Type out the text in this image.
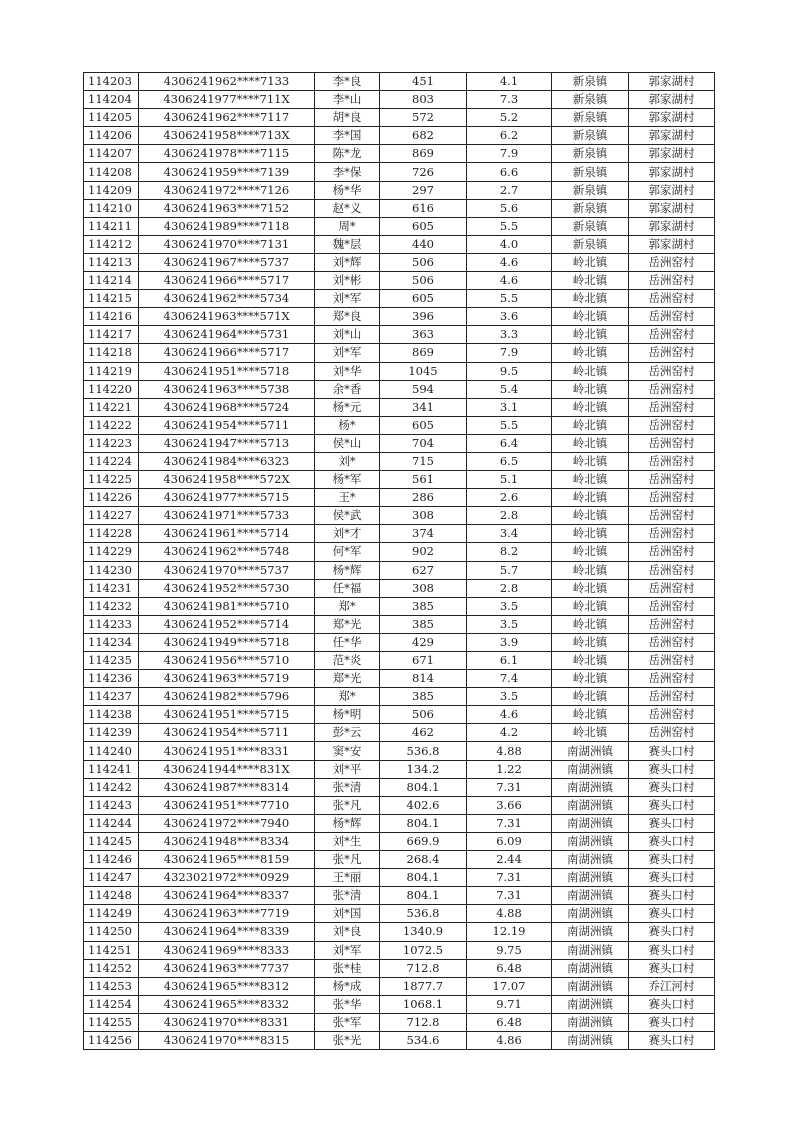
114203	4306241962****7133	李*良	451	4.1	新泉镇	郭家湖村
114204	4306241977****711X	李*山	803	7.3	新泉镇	郭家湖村
114205	4306241962****7117	胡*良	572	5.2	新泉镇	郭家湖村
114206	4306241958****713X	李*国	682	6.2	新泉镇	郭家湖村
114207	4306241978****7115	陈*龙	869	7.9	新泉镇	郭家湖村
114208	4306241959****7139	李*保	726	6.6	新泉镇	郭家湖村
114209	4306241972****7126	杨*华	297	2.7	新泉镇	郭家湖村
114210	4306241963****7152	赵*义	616	5.6	新泉镇	郭家湖村
114211	4306241989****7118	周*	605	5.5	新泉镇	郭家湖村
114212	4306241970****7131	魏*层	440	4.0	新泉镇	郭家湖村
114213	4306241967****5737	刘*辉	506	4.6	岭北镇	岳洲窑村
114214	4306241966****5717	刘*彬	506	4.6	岭北镇	岳洲窑村
114215	4306241962****5734	刘*军	605	5.5	岭北镇	岳洲窑村
114216	4306241963****571X	郑*良	396	3.6	岭北镇	岳洲窑村
114217	4306241964****5731	刘*山	363	3.3	岭北镇	岳洲窑村
114218	4306241966****5717	刘*军	869	7.9	岭北镇	岳洲窑村
114219	4306241951****5718	刘*华	1045	9.5	岭北镇	岳洲窑村
114220	4306241963****5738	余*香	594	5.4	岭北镇	岳洲窑村
114221	4306241968****5724	杨*元	341	3.1	岭北镇	岳洲窑村
114222	4306241954****5711	杨*	605	5.5	岭北镇	岳洲窑村
114223	4306241947****5713	侯*山	704	6.4	岭北镇	岳洲窑村
114224	4306241984****6323	刘*	715	6.5	岭北镇	岳洲窑村
114225	4306241958****572X	杨*军	561	5.1	岭北镇	岳洲窑村
114226	4306241977****5715	王*	286	2.6	岭北镇	岳洲窑村
114227	4306241971****5733	侯*武	308	2.8	岭北镇	岳洲窑村
114228	4306241961****5714	刘*才	374	3.4	岭北镇	岳洲窑村
114229	4306241962****5748	何*军	902	8.2	岭北镇	岳洲窑村
114230	4306241970****5737	杨*辉	627	5.7	岭北镇	岳洲窑村
114231	4306241952****5730	任*福	308	2.8	岭北镇	岳洲窑村
114232	4306241981****5710	郑*	385	3.5	岭北镇	岳洲窑村
114233	4306241952****5714	郑*光	385	3.5	岭北镇	岳洲窑村
114234	4306241949****5718	任*华	429	3.9	岭北镇	岳洲窑村
114235	4306241956****5710	范*炎	671	6.1	岭北镇	岳洲窑村
114236	4306241963****5719	郑*光	814	7.4	岭北镇	岳洲窑村
114237	4306241982****5796	郑*	385	3.5	岭北镇	岳洲窑村
114238	4306241951****5715	杨*明	506	4.6	岭北镇	岳洲窑村
114239	4306241954****5711	彭*云	462	4.2	岭北镇	岳洲窑村
114240	4306241951****8331	窦*安	536.8	4.88	南湖洲镇	赛头口村
114241	4306241944****831X	刘*平	134.2	1.22	南湖洲镇	赛头口村
114242	4306241987****8314	张*清	804.1	7.31	南湖洲镇	赛头口村
114243	4306241951****7710	张*凡	402.6	3.66	南湖洲镇	赛头口村
114244	4306241972****7940	杨*辉	804.1	7.31	南湖洲镇	赛头口村
114245	4306241948****8334	刘*生	669.9	6.09	南湖洲镇	赛头口村
114246	4306241965****8159	张*凡	268.4	2.44	南湖洲镇	赛头口村
114247	4323021972****0929	王*丽	804.1	7.31	南湖洲镇	赛头口村
114248	4306241964****8337	张*清	804.1	7.31	南湖洲镇	赛头口村
114249	4306241963****7719	刘*国	536.8	4.88	南湖洲镇	赛头口村
114250	4306241964****8339	刘*良	1340.9	12.19	南湖洲镇	赛头口村
114251	4306241969****8333	刘*军	1072.5	9.75	南湖洲镇	赛头口村
114252	4306241963****7737	张*桂	712.8	6.48	南湖洲镇	赛头口村
114253	4306241965****8312	杨*成	1877.7	17.07	南湖洲镇	乔江河村
114254	4306241965****8332	张*华	1068.1	9.71	南湖洲镇	赛头口村
114255	4306241970****8331	张*军	712.8	6.48	南湖洲镇	赛头口村
114256	4306241970****8315	张*光	534.6	4.86	南湖洲镇	赛头口村
